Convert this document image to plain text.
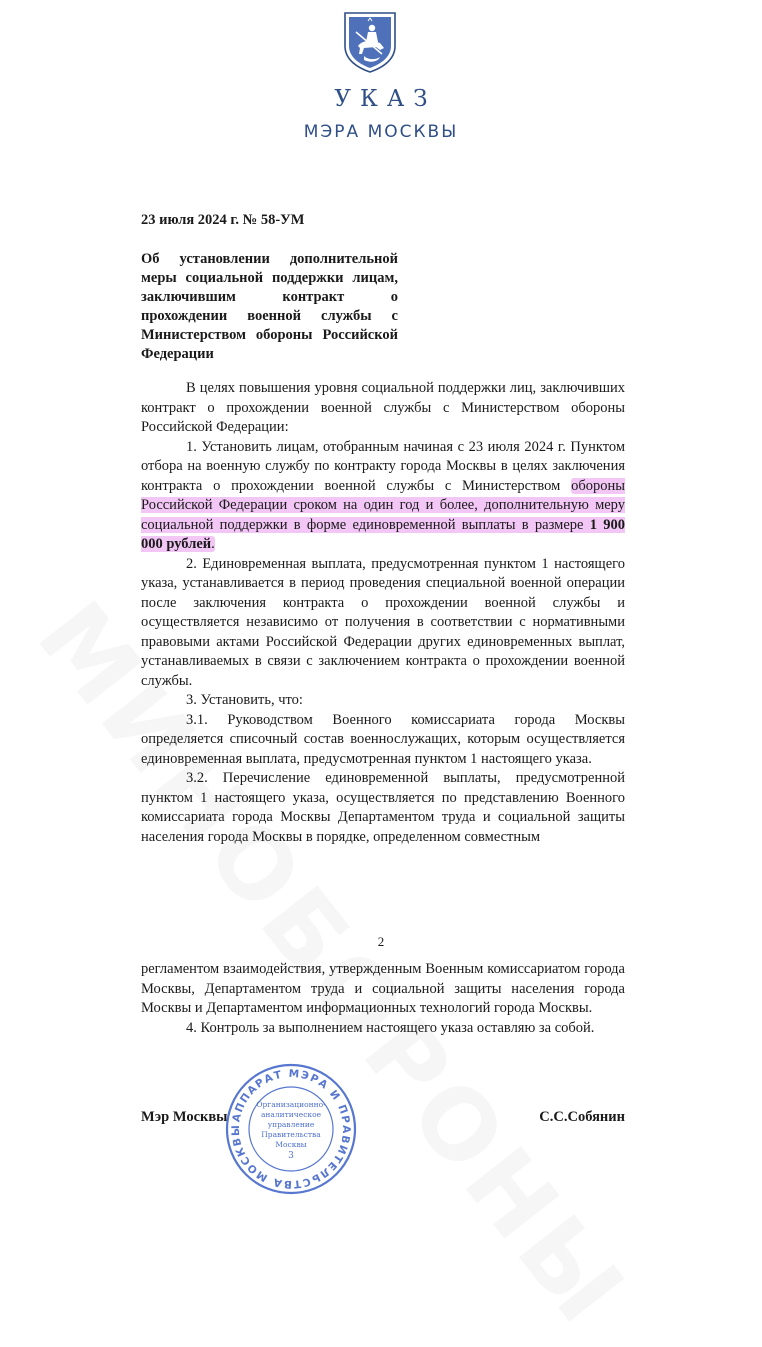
УКАЗ
МЭРА МОСКВЫ
23 июля 2024 г. № 58-УМ
Об установлении дополнительной меры социальной поддержки лицам, заключившим контракт о прохождении военной службы с Министерством обороны Российской Федерации

В целях повышения уровня социальной поддержки лиц, заключивших контракт о прохождении военной службы с Министерством обороны Российской Федерации:

1. Установить лицам, отобранным начиная с 23 июля 2024 г. Пунктом отбора на военную службу по контракту города Москвы в целях заключения контракта о прохождении военной службы с Министерством обороны Российской Федерации сроком на один год и более, дополнительную меру социальной поддержки в форме единовременной выплаты в размере 1 900 000 рублей.

2. Единовременная выплата, предусмотренная пунктом 1 настоящего указа, устанавливается в период проведения специальной военной операции после заключения контракта о прохождении военной службы и осуществляется независимо от получения в соответствии с нормативными правовыми актами Российской Федерации других единовременных выплат, устанавливаемых в связи с заключением контракта о прохождении военной службы.

3. Установить, что:

3.1. Руководством Военного комиссариата города Москвы определяется списочный состав военнослужащих, которым осуществляется единовременная выплата, предусмотренная пунктом 1 настоящего указа.

3.2. Перечисление единовременной выплаты, предусмотренной пунктом 1 настоящего указа, осуществляется по представлению Военного комиссариата города Москвы Департаментом труда и социальной защиты населения города Москвы в порядке, определенном совместным

2

регламентом взаимодействия, утвержденным Военным комиссариатом города Москвы, Департаментом труда и социальной защиты населения города Москвы и Департаментом информационных технологий города Москвы.

4. Контроль за выполнением настоящего указа оставляю за собой.

Мэр Москвы	С.С.Собянин
АППАРАТ МЭРА И ПРАВИТЕЛЬСТВА МОСКВЫ
Организационно-
аналитическое
управление
Правительства
Москвы
3
